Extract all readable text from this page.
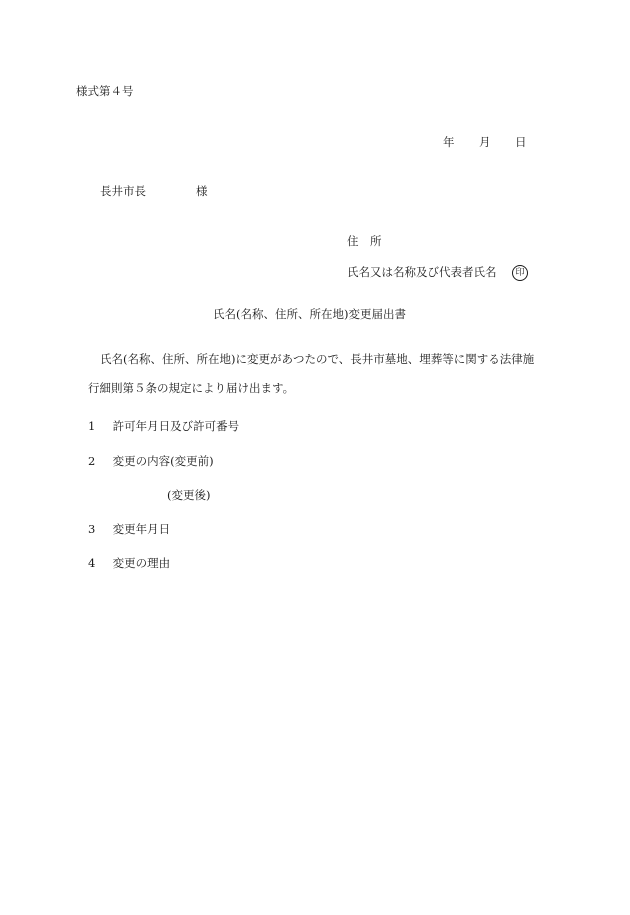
様式第４号
年 月 日
長井市長	様
住　所
氏名又は名称及び代表者氏名	印
氏名(名称、住所、所在地)変更届出書
氏名(名称、住所、所在地)に変更があつたので、長井市墓地、埋葬等に関する法律施
行細則第５条の規定により届け出ます。
1 許可年月日及び許可番号
2 変更の内容(変更前)
(変更後)
3 変更年月日
4 変更の理由
